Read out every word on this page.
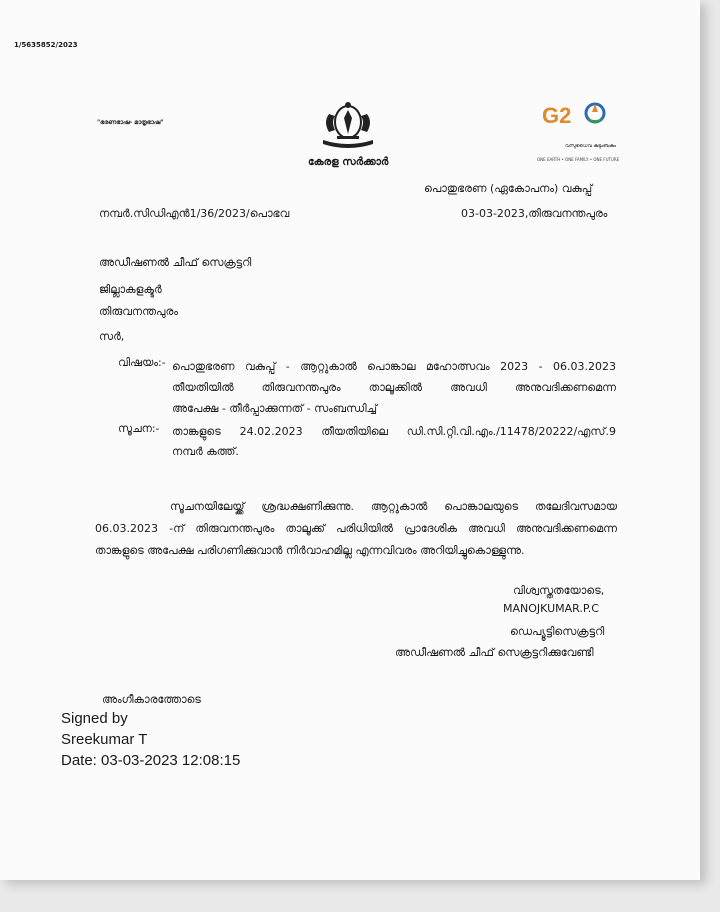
1/5635852/2023
"ഭരണഭാഷ- മാതൃഭാഷ"
കേരള സർക്കാർ
G2
വസുധൈവ കുടുംബകം
ONE EARTH • ONE FAMILY • ONE FUTURE
പൊതുഭരണ (ഏകോപനം) വകുപ്പ്
നമ്പർ.സിഡിഎൻ1/36/2023/പൊഭവ	03-03-2023,തിരുവനന്തപുരം
അഡീഷണൽ ചീഫ് സെക്രട്ടറി
ജില്ലാകളക്ടർ
തിരുവനന്തപുരം
സർ,
വിഷയം:- പൊതുഭരണ വകുപ്പ് - ആറ്റുകാൽ പൊങ്കാല മഹോത്സവം 2023 - 06.03.2023
തീയതിയിൽ തിരുവനന്തപുരം താലൂക്കിൽ അവധി അനുവദിക്കണമെന്ന
അപേക്ഷ - തീർപ്പാക്കുന്നത് - സംബന്ധിച്ച്
സൂചന:- താങ്കളുടെ 24.02.2023 തീയതിയിലെ ഡി.സി.റ്റി.വി.എം./11478/20222/എസ്.9
നമ്പർ കത്ത്.
സൂചനയിലേയ്ക്ക് ശ്രദ്ധക്ഷണിക്കുന്നു. ആറ്റുകാൽ പൊങ്കാലയുടെ തലേദിവസമായ
06.03.2023 -ന് തിരുവനന്തപുരം താലൂക്ക് പരിധിയിൽ പ്രാദേശിക അവധി അനുവദിക്കണമെന്ന
താങ്കളുടെ അപേക്ഷ പരിഗണിക്കുവാൻ നിർവാഹമില്ല എന്നവിവരം അറിയിച്ചുകൊള്ളുന്നു.
വിശ്വസ്തതയോടെ,
MANOJKUMAR.P.C
ഡെപ്യൂട്ടിസെക്രട്ടറി
അഡീഷണൽ ചീഫ് സെക്രട്ടറിക്കുവേണ്ടി
അംഗീകാരത്തോടെ
Signed by
Sreekumar T
Date: 03-03-2023 12:08:15
